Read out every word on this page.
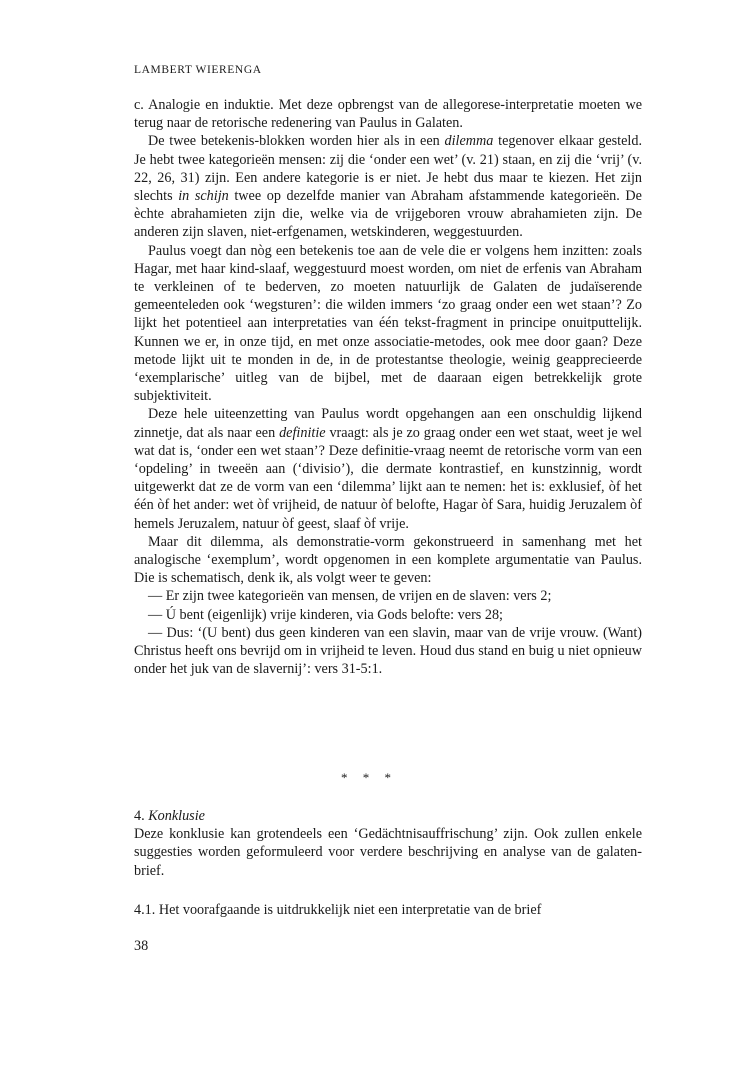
LAMBERT WIERENGA

c. Analogie en induktie. Met deze opbrengst van de allegorese-interpretatie moeten we terug naar de retorische redenering van Paulus in Galaten.

De twee betekenis-blokken worden hier als in een dilemma tegenover elkaar gesteld. Je hebt twee kategorieën mensen: zij die ‘onder een wet’ (v. 21) staan, en zij die ‘vrij’ (v. 22, 26, 31) zijn. Een andere kategorie is er niet. Je hebt dus maar te kiezen. Het zijn slechts in schijn twee op dezelfde manier van Abraham afstammende kategorieën. De èchte abrahamieten zijn die, welke via de vrijgeboren vrouw abrahamieten zijn. De anderen zijn slaven, niet-erfgenamen, wetskinderen, weggestuurden.

Paulus voegt dan nòg een betekenis toe aan de vele die er volgens hem inzitten: zoals Hagar, met haar kind-slaaf, weggestuurd moest worden, om niet de erfenis van Abraham te verkleinen of te bederven, zo moeten natuurlijk de Galaten de judaïserende gemeenteleden ook ‘wegsturen’: die wilden immers ‘zo graag onder een wet staan’? Zo lijkt het potentieel aan interpretaties van één tekst-fragment in principe onuitputtelijk. Kunnen we er, in onze tijd, en met onze associatie-metodes, ook mee door gaan? Deze metode lijkt uit te monden in de, in de protestantse theologie, weinig geapprecieerde ‘exemplarische’ uitleg van de bijbel, met de daaraan eigen betrekkelijk grote subjektiviteit.

Deze hele uiteenzetting van Paulus wordt opgehangen aan een onschuldig lijkend zinnetje, dat als naar een definitie vraagt: als je zo graag onder een wet staat, weet je wel wat dat is, ‘onder een wet staan’? Deze definitie-vraag neemt de retorische vorm van een ‘opdeling’ in tweeën aan (‘divisio’), die dermate kontrastief, en kunstzinnig, wordt uitgewerkt dat ze de vorm van een ‘dilemma’ lijkt aan te nemen: het is: exklusief, òf het één òf het ander: wet òf vrijheid, de natuur òf belofte, Hagar òf Sara, huidig Jeruzalem òf hemels Jeruzalem, natuur òf geest, slaaf òf vrije.

Maar dit dilemma, als demonstratie-vorm gekonstrueerd in samenhang met het analogische ‘exemplum’, wordt opgenomen in een komplete argumentatie van Paulus. Die is schematisch, denk ik, als volgt weer te geven:

— Er zijn twee kategorieën van mensen, de vrijen en de slaven: vers 2;

— Ú bent (eigenlijk) vrije kinderen, via Gods belofte: vers 28;

— Dus: ‘(U bent) dus geen kinderen van een slavin, maar van de vrije vrouw. (Want) Christus heeft ons bevrijd om in vrijheid te leven. Houd dus stand en buig u niet opnieuw onder het juk van de slavernij’: vers 31-5:1.

* * *

4. Konklusie

Deze konklusie kan grotendeels een ‘Gedächtnisauffrischung’ zijn. Ook zullen enkele suggesties worden geformuleerd voor verdere beschrijving en analyse van de galaten-brief.

4.1. Het voorafgaande is uitdrukkelijk niet een interpretatie van de brief

38
